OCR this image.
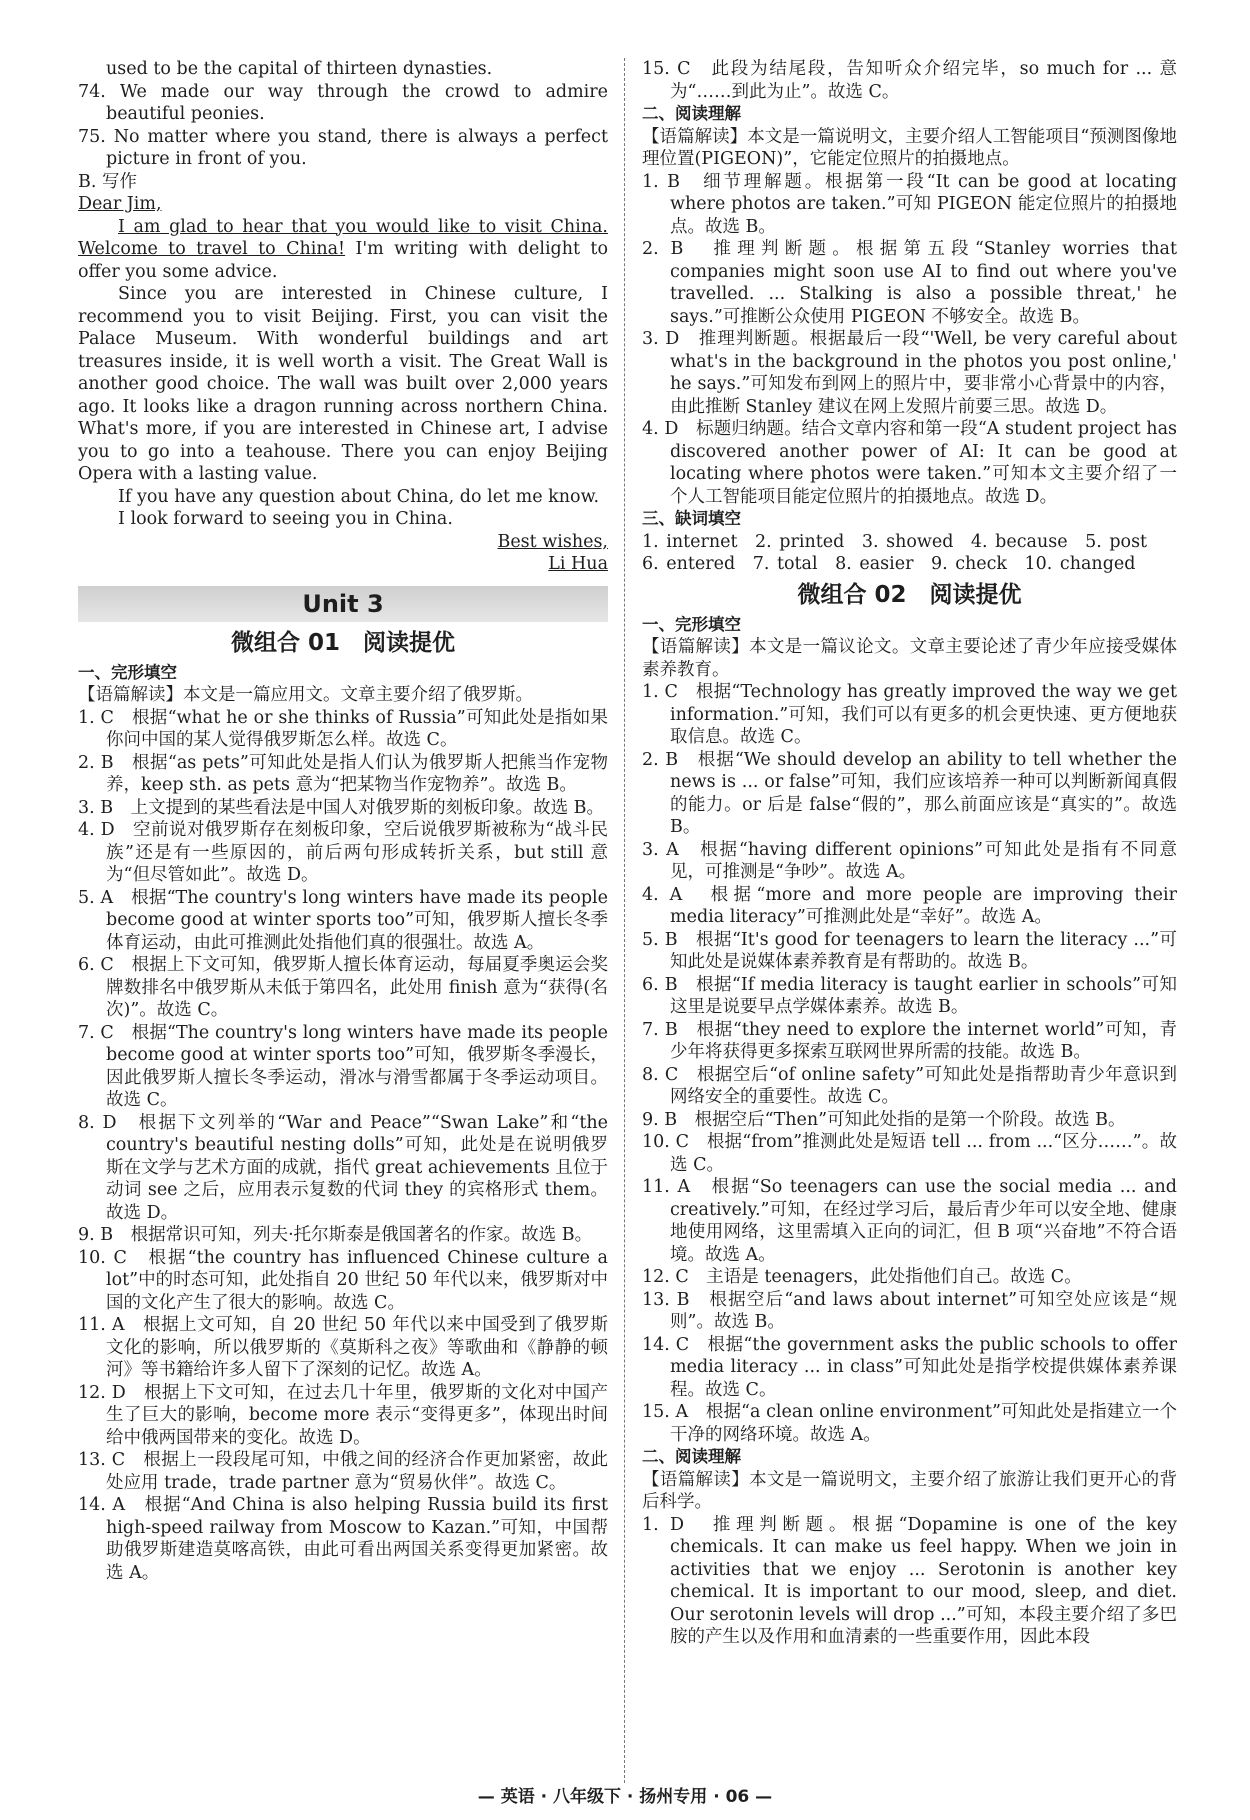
used to be the capital of thirteen dynasties.

74. We made our way through the crowd to admire beautiful peonies.

75. No matter where you stand, there is always a perfect picture in front of you.

B. 写作

Dear Jim,

I am glad to hear that you would like to visit China. Welcome to travel to China! I'm writing with delight to offer you some advice.

Since you are interested in Chinese culture, I recommend you to visit Beijing. First, you can visit the Palace Museum. With wonderful buildings and art treasures inside, it is well worth a visit. The Great Wall is another good choice. The wall was built over 2,000 years ago. It looks like a dragon running across northern China. What's more, if you are interested in Chinese art, I advise you to go into a teahouse. There you can enjoy Beijing Opera with a lasting value.

If you have any question about China, do let me know.

I look forward to seeing you in China.

Best wishes,

Li Hua

Unit 3
微组合 01　阅读提优

一、完形填空

【语篇解读】本文是一篇应用文。文章主要介绍了俄罗斯。

1. C　根据“what he or she thinks of Russia”可知此处是指如果你问中国的某人觉得俄罗斯怎么样。故选 C。

2. B　根据“as pets”可知此处是指人们认为俄罗斯人把熊当作宠物养，keep sth. as pets 意为“把某物当作宠物养”。故选 B。

3. B　上文提到的某些看法是中国人对俄罗斯的刻板印象。故选 B。

4. D　空前说对俄罗斯存在刻板印象，空后说俄罗斯被称为“战斗民族”还是有一些原因的，前后两句形成转折关系，but still 意为“但尽管如此”。故选 D。

5. A　根据“The country's long winters have made its people become good at winter sports too”可知，俄罗斯人擅长冬季体育运动，由此可推测此处指他们真的很强壮。故选 A。

6. C　根据上下文可知，俄罗斯人擅长体育运动，每届夏季奥运会奖牌数排名中俄罗斯从未低于第四名，此处用 finish 意为“获得(名次)”。故选 C。

7. C　根据“The country's long winters have made its people become good at winter sports too”可知，俄罗斯冬季漫长，因此俄罗斯人擅长冬季运动，滑冰与滑雪都属于冬季运动项目。故选 C。

8. D　根据下文列举的“War and Peace”“Swan Lake”和“the country's beautiful nesting dolls”可知，此处是在说明俄罗斯在文学与艺术方面的成就，指代 great achievements 且位于动词 see 之后，应用表示复数的代词 they 的宾格形式 them。故选 D。

9. B　根据常识可知，列夫·托尔斯泰是俄国著名的作家。故选 B。

10. C　根据“the country has influenced Chinese culture a lot”中的时态可知，此处指自 20 世纪 50 年代以来，俄罗斯对中国的文化产生了很大的影响。故选 C。

11. A　根据上文可知，自 20 世纪 50 年代以来中国受到了俄罗斯文化的影响，所以俄罗斯的《莫斯科之夜》等歌曲和《静静的顿河》等书籍给许多人留下了深刻的记忆。故选 A。

12. D　根据上下文可知，在过去几十年里，俄罗斯的文化对中国产生了巨大的影响，become more 表示“变得更多”，体现出时间给中俄两国带来的变化。故选 D。

13. C　根据上一段段尾可知，中俄之间的经济合作更加紧密，故此处应用 trade，trade partner 意为“贸易伙伴”。故选 C。

14. A　根据“And China is also helping Russia build its first high-speed railway from Moscow to Kazan.”可知，中国帮助俄罗斯建造莫喀高铁，由此可看出两国关系变得更加紧密。故选 A。

15. C　此段为结尾段，告知听众介绍完毕，so much for ... 意为“……到此为止”。故选 C。

二、阅读理解

【语篇解读】本文是一篇说明文，主要介绍人工智能项目“预测图像地理位置(PIGEON)”，它能定位照片的拍摄地点。

1. B　细节理解题。根据第一段“It can be good at locating where photos are taken.”可知 PIGEON 能定位照片的拍摄地点。故选 B。

2. B　推理判断题。根据第五段“Stanley worries that companies might soon use AI to find out where you've travelled. ... Stalking is also a possible threat,' he says.”可推断公众使用 PIGEON 不够安全。故选 B。

3. D　推理判断题。根据最后一段“'Well, be very careful about what's in the background in the photos you post online,' he says.”可知发布到网上的照片中，要非常小心背景中的内容，由此推断 Stanley 建议在网上发照片前要三思。故选 D。

4. D　标题归纳题。结合文章内容和第一段“A student project has discovered another power of AI: It can be good at locating where photos were taken.”可知本文主要介绍了一个人工智能项目能定位照片的拍摄地点。故选 D。

三、缺词填空

1. internet　2. printed　3. showed　4. because　5. post

6. entered　7. total　8. easier　9. check　10. changed

微组合 02　阅读提优

一、完形填空

【语篇解读】本文是一篇议论文。文章主要论述了青少年应接受媒体素养教育。

1. C　根据“Technology has greatly improved the way we get information.”可知，我们可以有更多的机会更快速、更方便地获取信息。故选 C。

2. B　根据“We should develop an ability to tell whether the news is ... or false”可知，我们应该培养一种可以判断新闻真假的能力。or 后是 false“假的”，那么前面应该是“真实的”。故选 B。

3. A　根据“having different opinions”可知此处是指有不同意见，可推测是“争吵”。故选 A。

4. A　根据“more and more people are improving their media literacy”可推测此处是“幸好”。故选 A。

5. B　根据“It's good for teenagers to learn the literacy ...”可知此处是说媒体素养教育是有帮助的。故选 B。

6. B　根据“If media literacy is taught earlier in schools”可知这里是说要早点学媒体素养。故选 B。

7. B　根据“they need to explore the internet world”可知，青少年将获得更多探索互联网世界所需的技能。故选 B。

8. C　根据空后“of online safety”可知此处是指帮助青少年意识到网络安全的重要性。故选 C。

9. B　根据空后“Then”可知此处指的是第一个阶段。故选 B。

10. C　根据“from”推测此处是短语 tell ... from ...“区分……”。故选 C。

11. A　根据“So teenagers can use the social media ... and creatively.”可知，在经过学习后，最后青少年可以安全地、健康地使用网络，这里需填入正向的词汇，但 B 项“兴奋地”不符合语境。故选 A。

12. C　主语是 teenagers，此处指他们自己。故选 C。

13. B　根据空后“and laws about internet”可知空处应该是“规则”。故选 B。

14. C　根据“the government asks the public schools to offer media literacy ... in class”可知此处是指学校提供媒体素养课程。故选 C。

15. A　根据“a clean online environment”可知此处是指建立一个干净的网络环境。故选 A。

二、阅读理解

【语篇解读】本文是一篇说明文，主要介绍了旅游让我们更开心的背后科学。

1. D　推理判断题。根据“Dopamine is one of the key chemicals. It can make us feel happy. When we join in activities that we enjoy ... Serotonin is another key chemical. It is important to our mood, sleep, and diet. Our serotonin levels will drop ...”可知，本段主要介绍了多巴胺的产生以及作用和血清素的一些重要作用，因此本段

— 英语 · 八年级下 · 扬州专用 · 06 —
